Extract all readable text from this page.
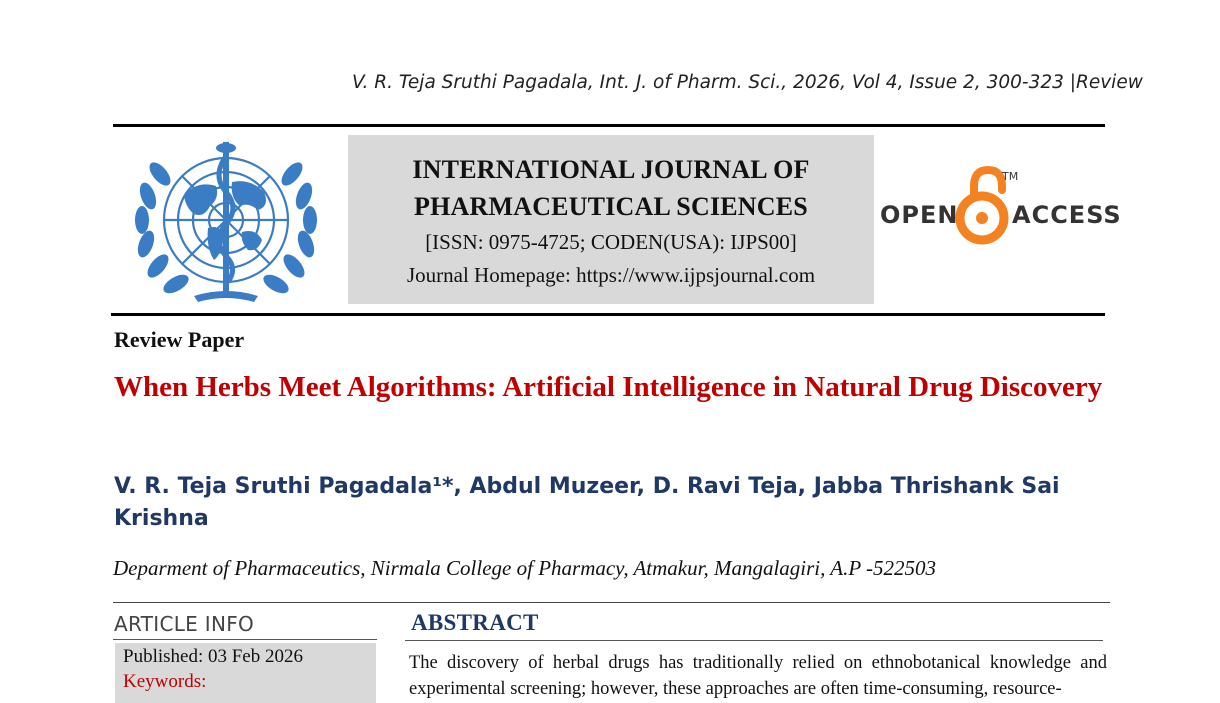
V. R. Teja Sruthi Pagadala, Int. J. of Pharm. Sci., 2026, Vol 4, Issue 2, 300-323 |Review
INTERNATIONAL JOURNAL OF
PHARMACEUTICAL SCIENCES
[ISSN: 0975-4725; CODEN(USA): IJPS00]
Journal Homepage: https://www.ijpsjournal.com
OPEN
TM
ACCESS
Review Paper
When Herbs Meet Algorithms: Artificial Intelligence in Natural Drug Discovery
V. R. Teja Sruthi Pagadala¹*, Abdul Muzeer, D. Ravi Teja, Jabba Thrishank Sai Krishna
Deparment of Pharmaceutics, Nirmala College of Pharmacy, Atmakur, Mangalagiri, A.P -522503
ARTICLE INFO
Published: 03 Feb 2026
Keywords:
ABSTRACT
The discovery of herbal drugs has traditionally relied on ethnobotanical knowledge and experimental screening; however, these approaches are often time-consuming, resource-
